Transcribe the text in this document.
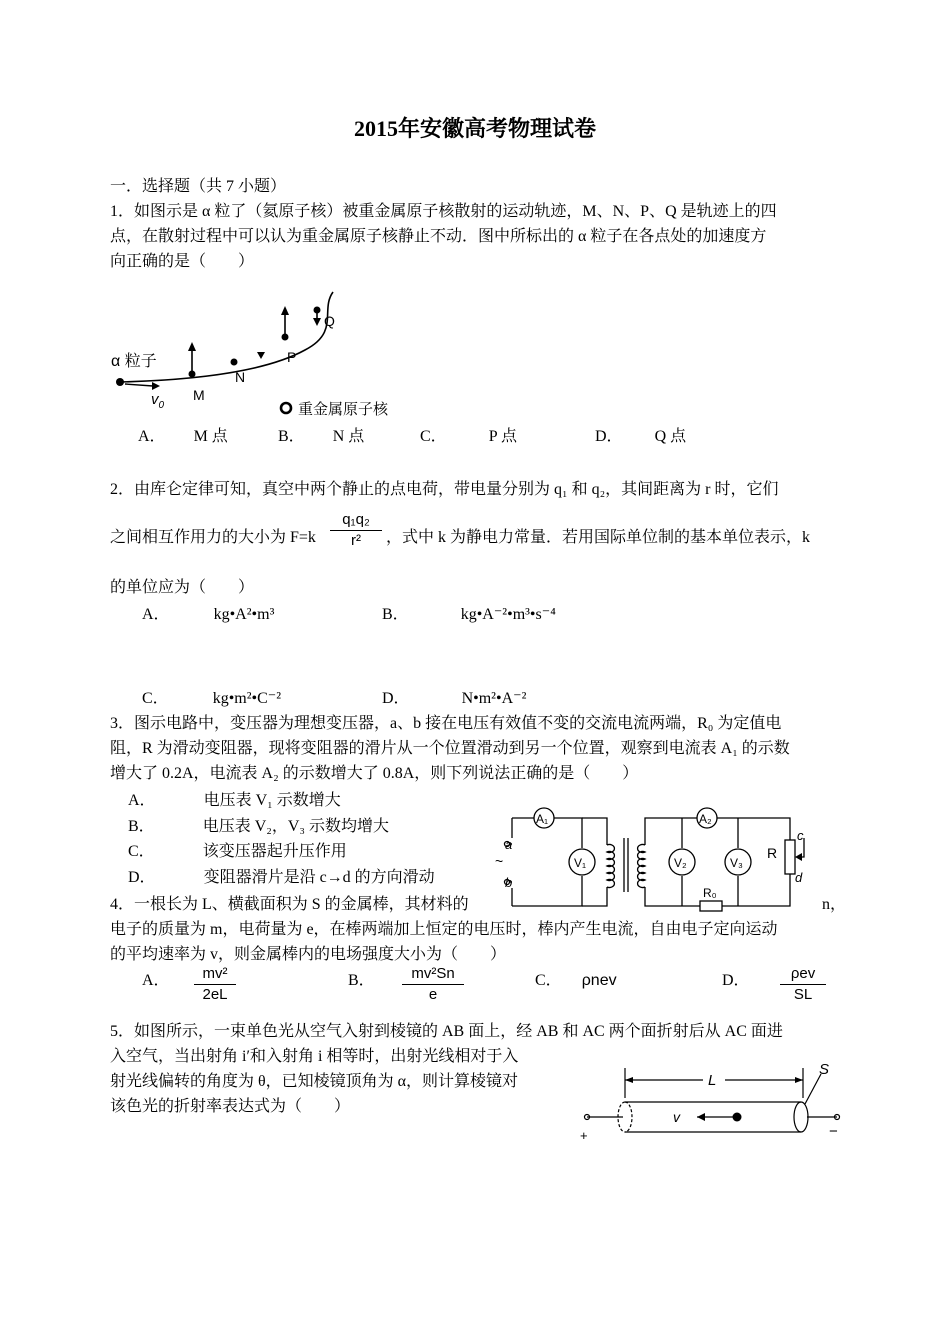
2015年安徽高考物理试卷
一．选择题（共 7 小题）
1．如图示是 α 粒了（氦原子核）被重金属原子核散射的运动轨迹，M、N、P、Q 是轨迹上的四
点，在散射过程中可以认为重金属原子核静止不动．图中所标出的 α 粒子在各点处的加速度方
向正确的是（　　）
α 粒子
$v_0$
M
N
P
Q
重金属原子核
A． M 点	B． N 点	C．	P 点	D． Q 点
2．由库仑定律可知，真空中两个静止的点电荷，带电量分别为 q₁ 和 q₂，其间距离为 r 时，它们
之间相互作用力的大小为 $F=k \frac{\text{q₁q₂}}{\text{r²}}$ ，式中 k 为静电力常量．若用国际单位制的基本单位表示，k
的单位应为（　　）
A．	kg•A²•m³	B．	kg•A⁻²•m³•s⁻⁴
C．	kg•m²•C⁻²	D．	N•m²•A⁻²
3．图示电路中，变压器为理想变压器，a、b 接在电压有效值不变的交流电流两端，R₀ 为定值电
阻，R 为滑动变阻器，现将变阻器的滑片从一个位置滑动到另一个位置，观察到电流表 A₁ 的示数
增大了 0.2A，电流表 A₂ 的示数增大了 0.8A，则下列说法正确的是（　　）
A．	电压表 V₁ 示数增大
B．	电压表 V₂，V₃ 示数均增大
C．	该变压器起升压作用
D．	变阻器滑片是沿 c→d 的方向滑动
A₁	A₂
V₁	V₂	V₃
R
R₀
a
b
~
c
d
4．一根长为 L、横截面积为 S 的金属棒，其材料的	n，
电子的质量为 m，电荷量为 e，在棒两端加上恒定的电压时，棒内产生电流，自由电子定向运动
的平均速率为 v，则金属棒内的电场强度大小为（　　）
A． $\frac{\text{mv²}}{2eL}$	B． $\frac{\text{mv²Sn}}{e}$	C． ρnev	D．	ρev
SL
5．如图所示，一束单色光从空气入射到棱镜的 AB 面上，经 AB 和 AC 两个面折射后从 AC 面进
入空气，当出射角 i′和入射角 i 相等时，出射光线相对于入
射光线偏转的角度为 θ，已知棱镜顶角为 α，则计算棱镜对
该色光的折射率表达式为（　　）
L
S
v
+	−
